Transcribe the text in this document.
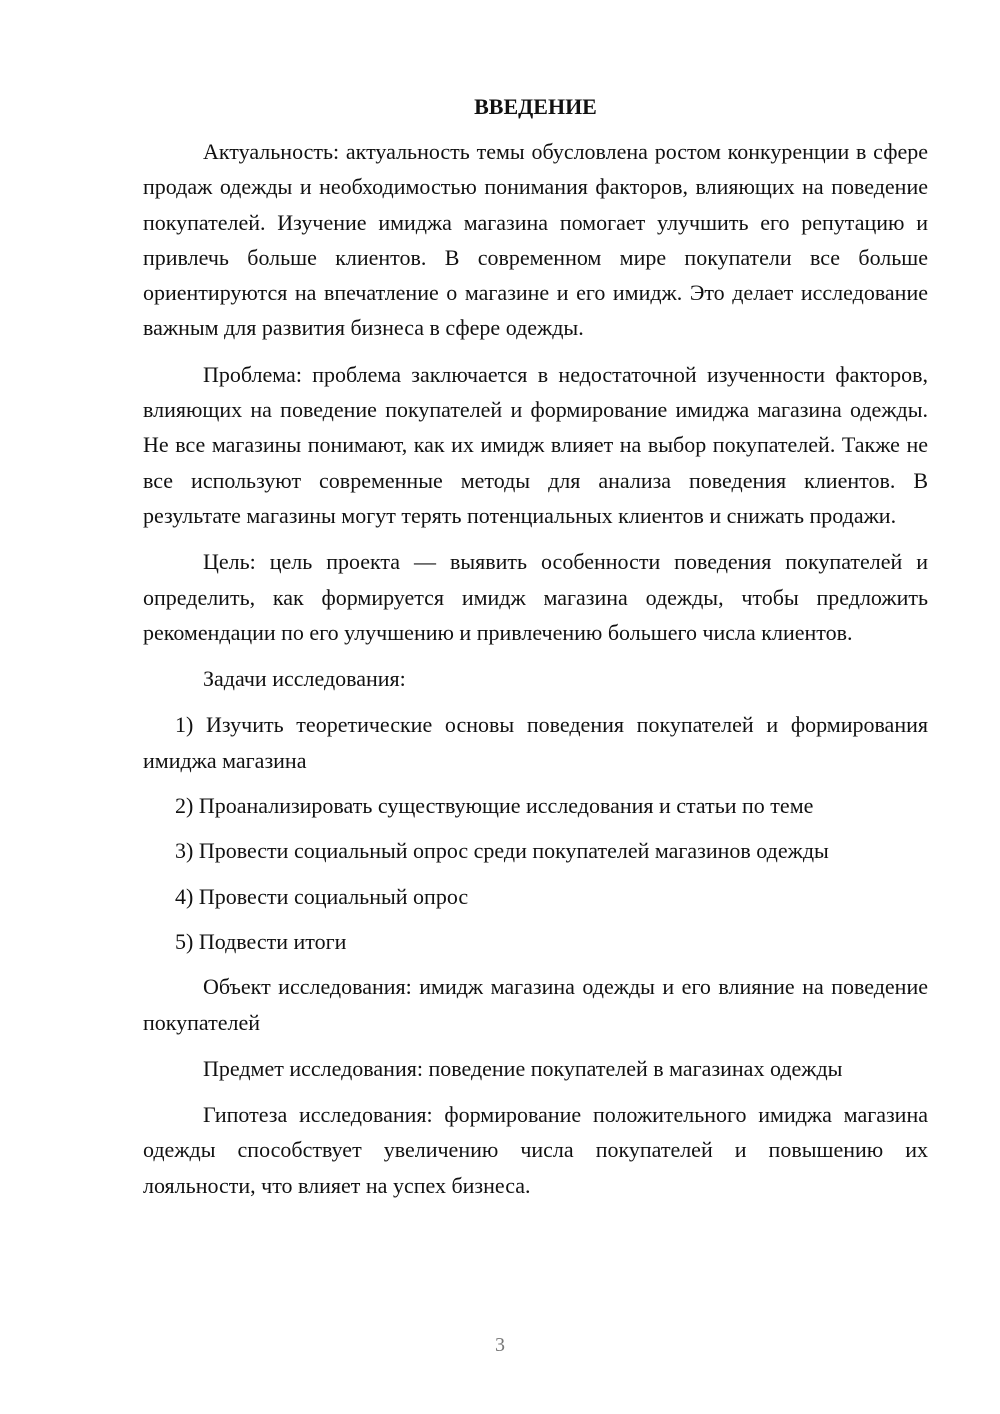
ВВЕДЕНИЕ

Актуальность: актуальность темы обусловлена ростом конкуренции в сфере продаж одежды и необходимостью понимания факторов, влияющих на поведение покупателей. Изучение имиджа магазина помогает улучшить его репутацию и привлечь больше клиентов. В современном мире покупатели все больше ориентируются на впечатление о магазине и его имидж. Это делает исследование важным для развития бизнеса в сфере одежды.

Проблема: проблема заключается в недостаточной изученности факторов, влияющих на поведение покупателей и формирование имиджа магазина одежды. Не все магазины понимают, как их имидж влияет на выбор покупателей. Также не все используют современные методы для анализа поведения клиентов. В результате магазины могут терять потенциальных клиентов и снижать продажи.

Цель: цель проекта — выявить особенности поведения покупателей и определить, как формируется имидж магазина одежды, чтобы предложить рекомендации по его улучшению и привлечению большего числа клиентов.

Задачи исследования:

1) Изучить теоретические основы поведения покупателей и формирования имиджа магазина

2) Проанализировать существующие исследования и статьи по теме

3) Провести социальный опрос среди покупателей магазинов одежды

4) Провести социальный опрос

5) Подвести итоги

Объект исследования: имидж магазина одежды и его влияние на поведение покупателей

Предмет исследования: поведение покупателей в магазинах одежды

Гипотеза исследования: формирование положительного имиджа магазина одежды способствует увеличению числа покупателей и повышению их лояльности, что влияет на успех бизнеса.

3
